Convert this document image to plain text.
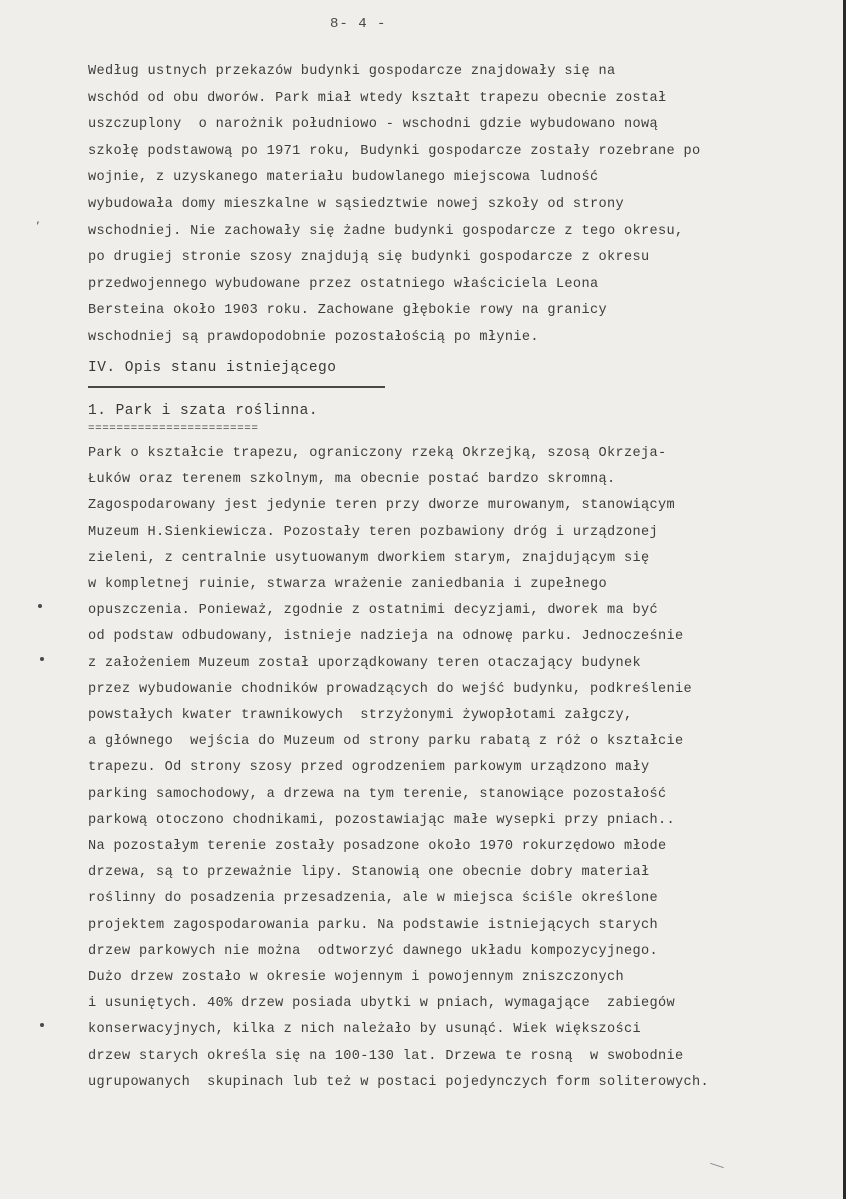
8- 4 -
Według ustnych przekazów budynki gospodarcze znajdowały się na
wschód od obu dworów. Park miał wtedy kształt trapezu obecnie został
uszczuplony  o narożnik południowo - wschodni gdzie wybudowano nową
szkołę podstawową po 1971 roku, Budynki gospodarcze zostały rozebrane po
wojnie, z uzyskanego materiału budowlanego miejscowa ludność
wybudowała domy mieszkalne w sąsiedztwie nowej szkoły od strony
wschodniej. Nie zachowały się żadne budynki gospodarcze z tego okresu,
po drugiej stronie szosy znajdują się budynki gospodarcze z okresu
przedwojennego wybudowane przez ostatniego właściciela Leona
Bersteina około 1903 roku. Zachowane głębokie rowy na granicy
wschodniej są prawdopodobnie pozostałością po młynie.
IV. Opis stanu istniejącego
1. Park i szata roślinna.
========================
Park o kształcie trapezu, ograniczony rzeką Okrzejką, szosą Okrzeja-
Łuków oraz terenem szkolnym, ma obecnie postać bardzo skromną.
Zagospodarowany jest jedynie teren przy dworze murowanym, stanowiącym
Muzeum H.Sienkiewicza. Pozostały teren pozbawiony dróg i urządzonej
zieleni, z centralnie usytuowanym dworkiem starym, znajdującym się
w kompletnej ruinie, stwarza wrażenie zaniedbania i zupełnego
opuszczenia. Ponieważ, zgodnie z ostatnimi decyzjami, dworek ma być
od podstaw odbudowany, istnieje nadzieja na odnowę parku. Jednocześnie
z założeniem Muzeum został uporządkowany teren otaczający budynek
przez wybudowanie chodników prowadzących do wejść budynku, podkreślenie
powstałych kwater trawnikowych  strzyżonymi żywopłotami załgczy,
a głównego  wejścia do Muzeum od strony parku rabatą z róż o kształcie
trapezu. Od strony szosy przed ogrodzeniem parkowym urządzono mały
parking samochodowy, a drzewa na tym terenie, stanowiące pozostałość
parkową otoczono chodnikami, pozostawiając małe wysepki przy pniach..
Na pozostałym terenie zostały posadzone około 1970 rokurzędowo młode
drzewa, są to przeważnie lipy. Stanowią one obecnie dobry materiał
roślinny do posadzenia przesadzenia, ale w miejsca ściśle określone
projektem zagospodarowania parku. Na podstawie istniejących starych
drzew parkowych nie można  odtworzyć dawnego układu kompozycyjnego.
Dużo drzew zostało w okresie wojennym i powojennym zniszczonych
i usuniętych. 40% drzew posiada ubytki w pniach, wymagające  zabiegów
konserwacyjnych, kilka z nich należało by usunąć. Wiek większości
drzew starych określa się na 100-130 lat. Drzewa te rosną  w swobodnie
ugrupowanych  skupinach lub też w postaci pojedynczych form soliterowych.
,
